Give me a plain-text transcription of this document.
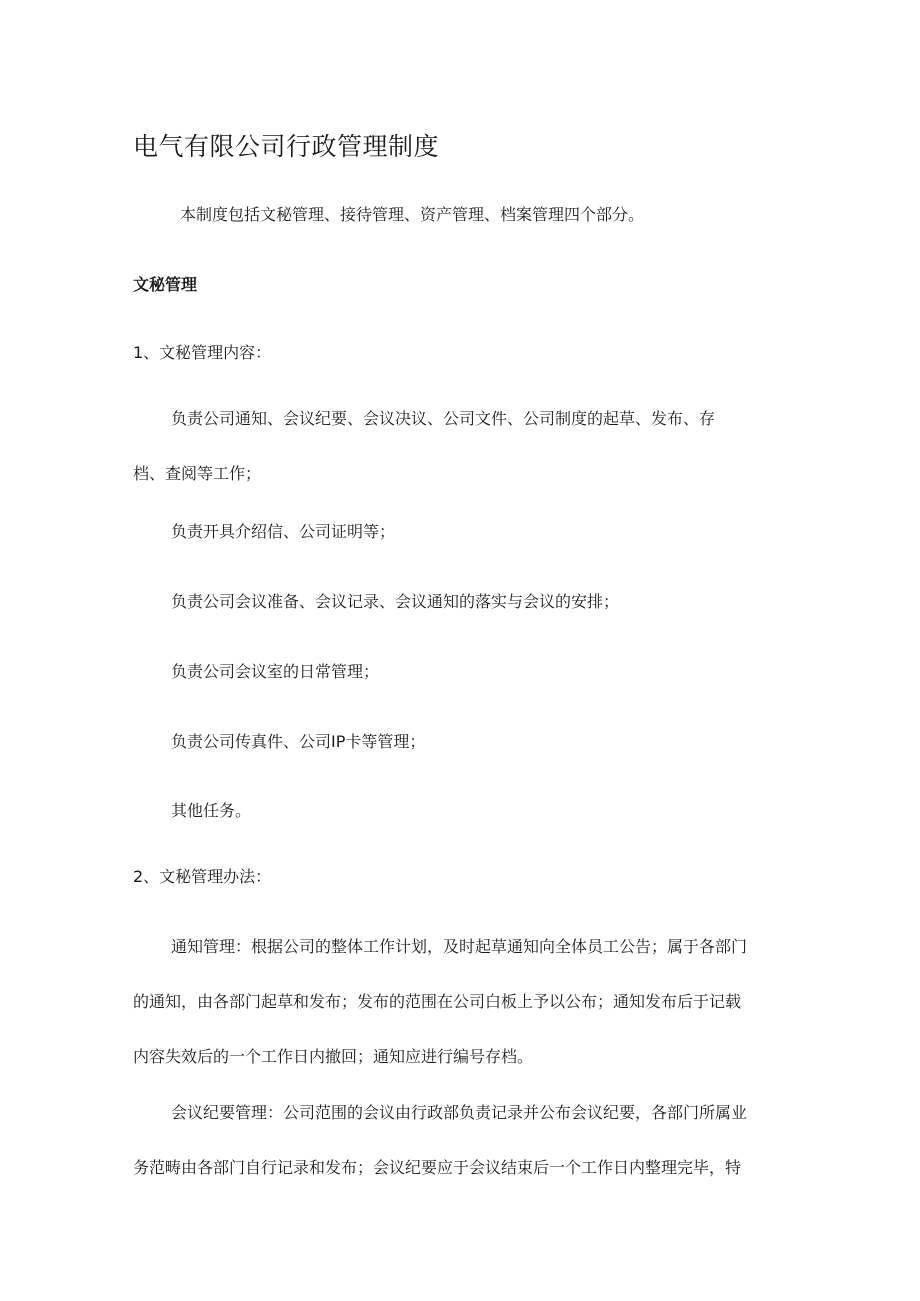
电气有限公司行政管理制度

本制度包括文秘管理、接待管理、资产管理、档案管理四个部分。

文秘管理

1、文秘管理内容：

负责公司通知、会议纪要、会议决议、公司文件、公司制度的起草、发布、存
档、查阅等工作；

负责开具介绍信、公司证明等；

负责公司会议准备、会议记录、会议通知的落实与会议的安排；

负责公司会议室的日常管理；

负责公司传真件、公司IP卡等管理；

其他任务。

2、文秘管理办法：

通知管理：根据公司的整体工作计划，及时起草通知向全体员工公告；属于各部门
的通知，由各部门起草和发布；发布的范围在公司白板上予以公布；通知发布后于记载
内容失效后的一个工作日内撤回；通知应进行编号存档。
会议纪要管理：公司范围的会议由行政部负责记录并公布会议纪要，各部门所属业
务范畴由各部门自行记录和发布；会议纪要应于会议结束后一个工作日内整理完毕，特
